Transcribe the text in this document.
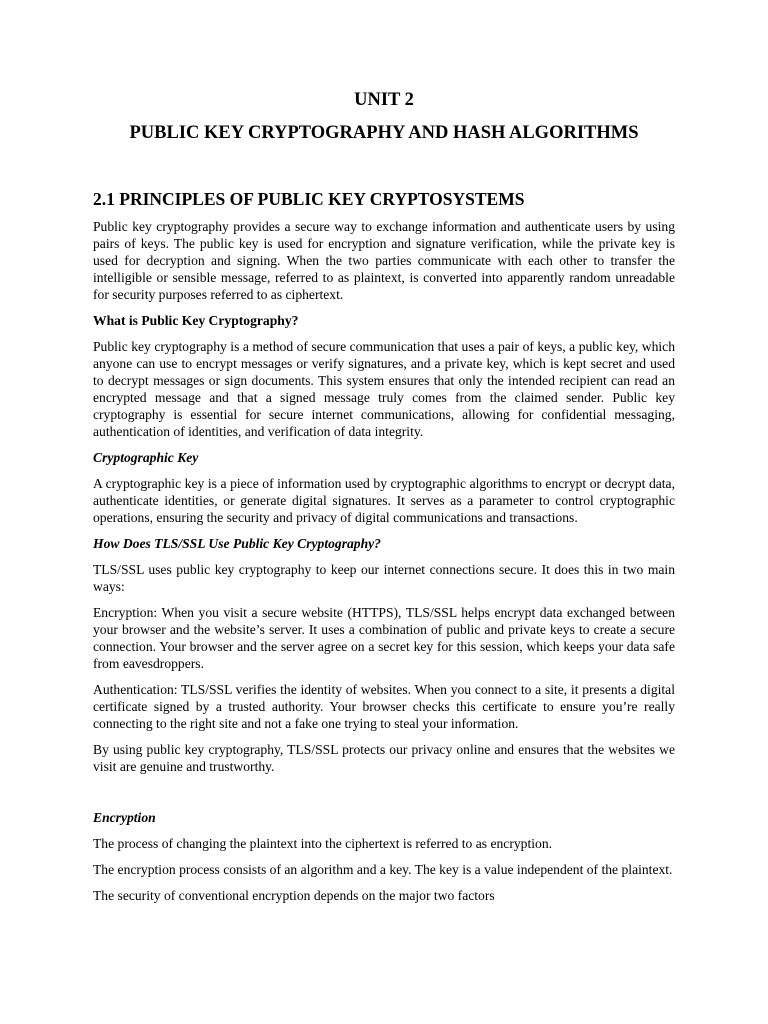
UNIT 2
PUBLIC KEY CRYPTOGRAPHY AND HASH ALGORITHMS
2.1 PRINCIPLES OF PUBLIC KEY CRYPTOSYSTEMS

Public key cryptography provides a secure way to exchange information and authenticate users by using pairs of keys. The public key is used for encryption and signature verification, while the private key is used for decryption and signing. When the two parties communicate with each other to transfer the intelligible or sensible message, referred to as plaintext, is converted into apparently random unreadable for security purposes referred to as ciphertext.

What is Public Key Cryptography?

Public key cryptography is a method of secure communication that uses a pair of keys, a public key, which anyone can use to encrypt messages or verify signatures, and a private key, which is kept secret and used to decrypt messages or sign documents. This system ensures that only the intended recipient can read an encrypted message and that a signed message truly comes from the claimed sender. Public key cryptography is essential for secure internet communications, allowing for confidential messaging, authentication of identities, and verification of data integrity.

Cryptographic Key

A cryptographic key is a piece of information used by cryptographic algorithms to encrypt or decrypt data, authenticate identities, or generate digital signatures. It serves as a parameter to control cryptographic operations, ensuring the security and privacy of digital communications and transactions.

How Does TLS/SSL Use Public Key Cryptography?

TLS/SSL uses public key cryptography to keep our internet connections secure. It does this in two main ways:

Encryption: When you visit a secure website (HTTPS), TLS/SSL helps encrypt data exchanged between your browser and the website’s server. It uses a combination of public and private keys to create a secure connection. Your browser and the server agree on a secret key for this session, which keeps your data safe from eavesdroppers.

Authentication: TLS/SSL verifies the identity of websites. When you connect to a site, it presents a digital certificate signed by a trusted authority. Your browser checks this certificate to ensure you’re really connecting to the right site and not a fake one trying to steal your information.

By using public key cryptography, TLS/SSL protects our privacy online and ensures that the websites we visit are genuine and trustworthy.

Encryption

The process of changing the plaintext into the ciphertext is referred to as encryption.

The encryption process consists of an algorithm and a key. The key is a value independent of the plaintext.

The security of conventional encryption depends on the major two factors
